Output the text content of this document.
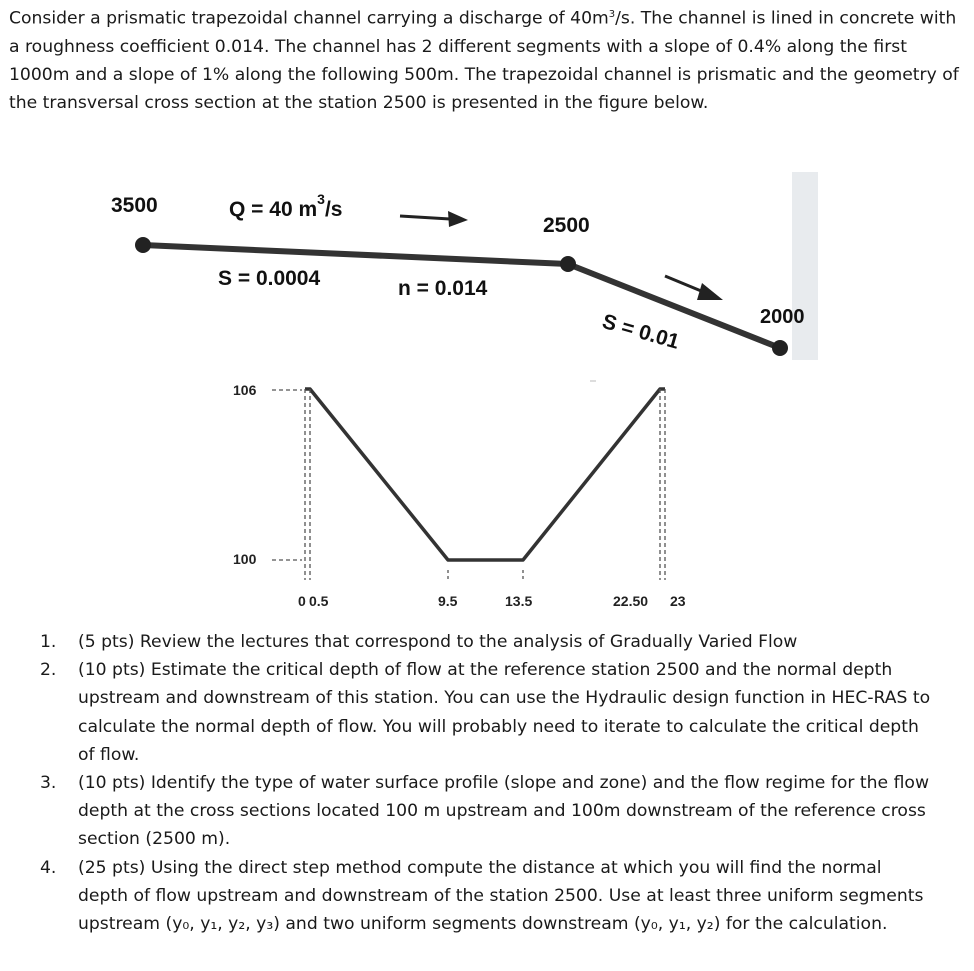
Consider a prismatic trapezoidal channel carrying a discharge of $40m^3/s$. The channel is lined in concrete with a roughness coefficient 0.014. The channel has 2 different segments with a slope of 0.4% along the first 1000m and a slope of 1% along the following 500m. The trapezoidal channel is prismatic and the geometry of the transversal cross section at the station 2500 is presented in the figure below.

3500	Q = 40 $m^3/s$
2500
S = 0.0004	n = 0.014
S = 0.01	2000
106
100
0 0.5	9.5	13.5	22.50 23
1. (5 pts) Review the lectures that correspond to the analysis of Gradually Varied Flow
2. (10 pts) Estimate the critical depth of flow at the reference station 2500 and the normal depth upstream and downstream of this station. You can use the Hydraulic design function in HEC-RAS to calculate the normal depth of flow. You will probably need to iterate to calculate the critical depth of flow.
3. (10 pts) Identify the type of water surface profile (slope and zone) and the flow regime for the flow depth at the cross sections located 100 m upstream and 100m downstream of the reference cross section (2500 m).
4. (25 pts) Using the direct step method compute the distance at which you will find the normal depth of flow upstream and downstream of the station 2500. Use at least three uniform segments upstream (y₀, y₁, y₂, y₃) and two uniform segments downstream (y₀, y₁, y₂) for the calculation.
